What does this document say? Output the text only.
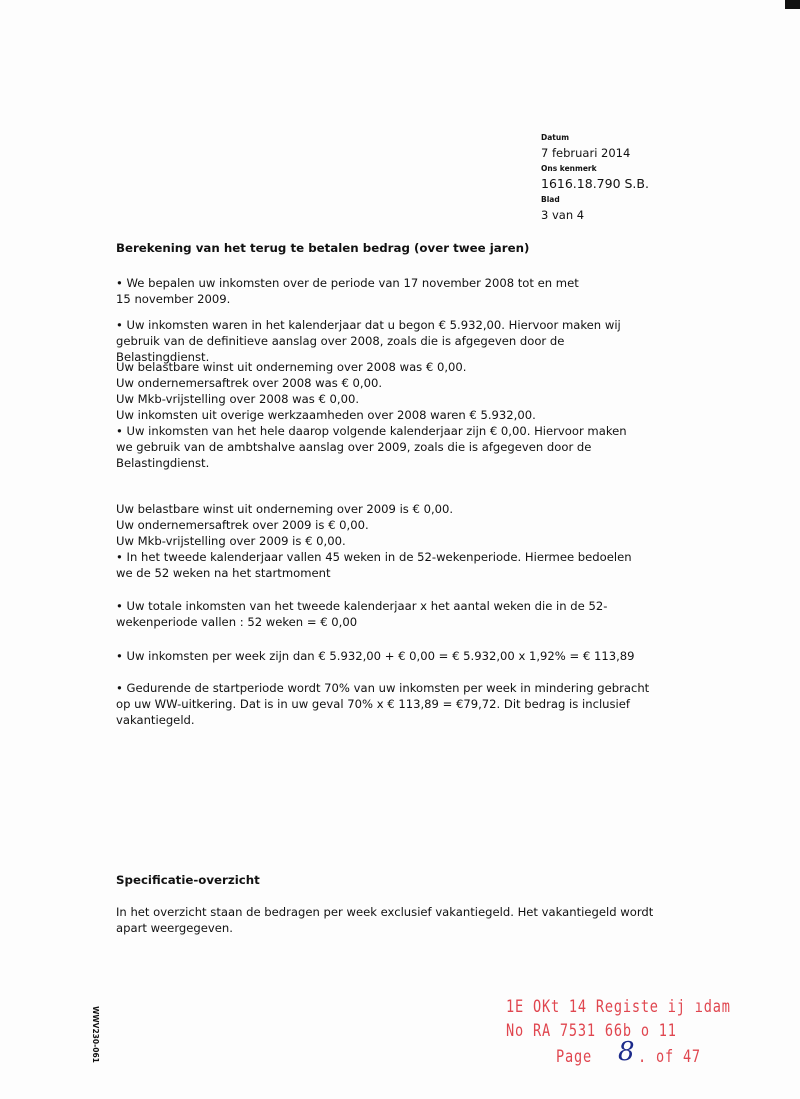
Datum
7 februari 2014
Ons kenmerk
1616.18.790 S.B.
Blad
3 van 4
Berekening van het terug te betalen bedrag (over twee jaren)
• We bepalen uw inkomsten over de periode van 17 november 2008 tot en met 15 november 2009.
• Uw inkomsten waren in het kalenderjaar dat u begon € 5.932,00. Hiervoor maken wij gebruik van de definitieve aanslag over 2008, zoals die is afgegeven door de Belastingdienst.

Uw belastbare winst uit onderneming over 2008 was € 0,00.

Uw ondernemersaftrek over 2008 was € 0,00.

Uw Mkb-vrijstelling over 2008 was € 0,00.

Uw inkomsten uit overige werkzaamheden over 2008 waren € 5.932,00.

• Uw inkomsten van het hele daarop volgende kalenderjaar zijn € 0,00. Hiervoor maken we gebruik van de ambtshalve aanslag over 2009, zoals die is afgegeven door de Belastingdienst.

Uw belastbare winst uit onderneming over 2009 is € 0,00.

Uw ondernemersaftrek over 2009 is € 0,00.

Uw Mkb-vrijstelling over 2009 is € 0,00.

• In het tweede kalenderjaar vallen 45 weken in de 52-wekenperiode. Hiermee bedoelen we de 52 weken na het startmoment

• Uw totale inkomsten van het tweede kalenderjaar x het aantal weken die in de 52-wekenperiode vallen : 52 weken = € 0,00
• Uw inkomsten per week zijn dan € 5.932,00 + € 0,00 = € 5.932,00 x 1,92% = € 113,89
• Gedurende de startperiode wordt 70% van uw inkomsten per week in mindering gebracht op uw WW-uitkering. Dat is in uw geval 70% x € 113,89 = €79,72. Dit bedrag is inclusief vakantiegeld.
Specificatie-overzicht
In het overzicht staan de bedragen per week exclusief vakantiegeld. Het vakantiegeld wordt apart weergegeven.
WWV230-061	1E OKt 14 Registe ij ıdam
No RA 7531 66b o 11
Page 8 . of 47
